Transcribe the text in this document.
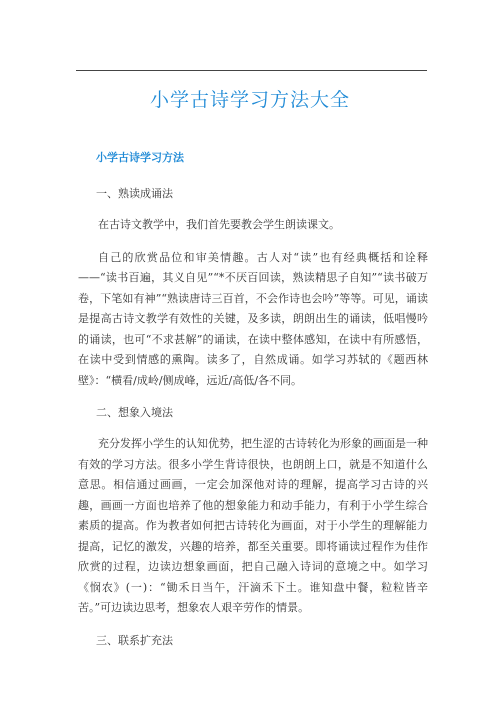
小学古诗学习方法大全
小学古诗学习方法
一、熟读成诵法

在古诗文教学中，我们首先要教会学生朗读课文。

自己的欣赏品位和审美情趣。古人对“读”也有经典概括和诠释——“读书百遍，其义自见”“*不厌百回读，熟读精思子自知”“读书破万卷，下笔如有神”“熟读唐诗三百首，不会作诗也会吟”等等。可见，诵读是提高古诗文教学有效性的关键，及多读，朗朗出生的诵读，低唱慢吟的诵读，也可“不求甚解”的诵读，在读中整体感知，在读中有所感悟，在读中受到情感的熏陶。读多了，自然成诵。如学习苏轼的《题西林壁》：“横看/成岭/侧成峰，远近/高低/各不同。

二、想象入境法

充分发挥小学生的认知优势，把生涩的古诗转化为形象的画面是一种有效的学习方法。很多小学生背诗很快，也朗朗上口，就是不知道什么意思。相信通过画画，一定会加深他对诗的理解，提高学习古诗的兴趣，画画一方面也培养了他的想象能力和动手能力，有利于小学生综合素质的提高。作为教者如何把古诗转化为画面，对于小学生的理解能力提高，记忆的激发，兴趣的培养，都至关重要。即将诵读过程作为佳作欣赏的过程，边读边想象画面，把自己融入诗词的意境之中。如学习《悯农》(一)：“锄禾日当午，汗滴禾下土。谁知盘中餐，粒粒皆辛苦。”可边读边思考，想象农人艰辛劳作的情景。

三、联系扩充法
